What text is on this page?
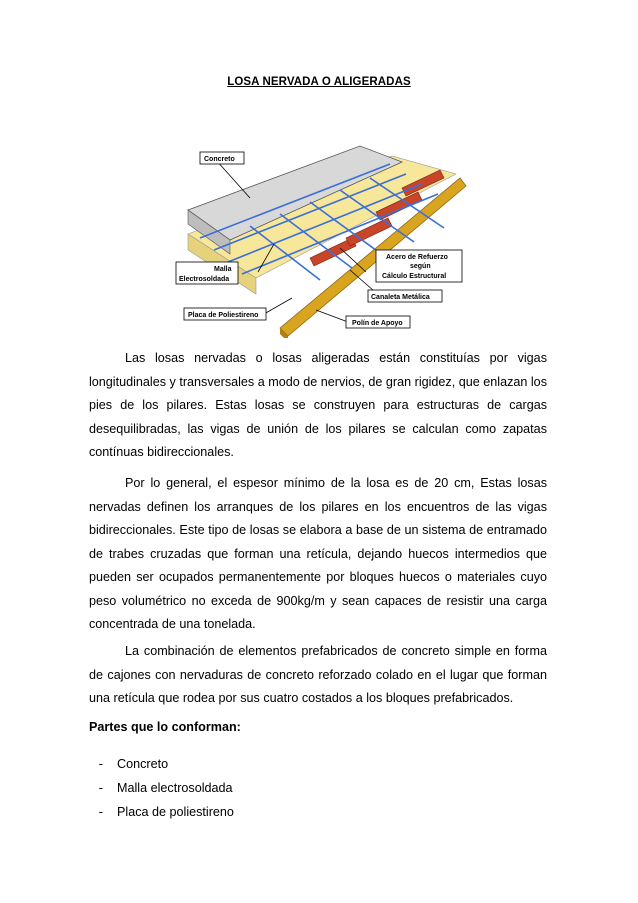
LOSA NERVADA O ALIGERADAS
Concreto
Malla
Electrosoldada
Acero de Refuerzo
según
Cálculo Estructural
Canaleta Metálica
Placa de Poliestireno
Polín de Apoyo

Las losas nervadas o losas aligeradas están constituías por vigas longitudinales y transversales a modo de nervios, de gran rigidez, que enlazan los pies de los pilares. Estas losas se construyen para estructuras de cargas desequilibradas, las vigas de unión de los pilares se calculan como zapatas contínuas bidireccionales.

Por lo general, el espesor mínimo de la losa es de 20 cm, Estas losas nervadas definen los arranques de los pilares en los encuentros de las vigas bidireccionales. Este tipo de losas se elabora a base de un sistema de entramado de trabes cruzadas que forman una retícula, dejando huecos intermedios que pueden ser ocupados permanentemente por bloques huecos o materiales cuyo peso volumétrico no exceda de 900kg/m y sean capaces de resistir una carga concentrada de una tonelada.

La combinación de elementos prefabricados de concreto simple en forma de cajones con nervaduras de concreto reforzado colado en el lugar que forman una retícula que rodea por sus cuatro costados a los bloques prefabricados.

Partes que lo conforman:
-	Concreto
-	Malla electrosoldada
-	Placa de poliestireno
